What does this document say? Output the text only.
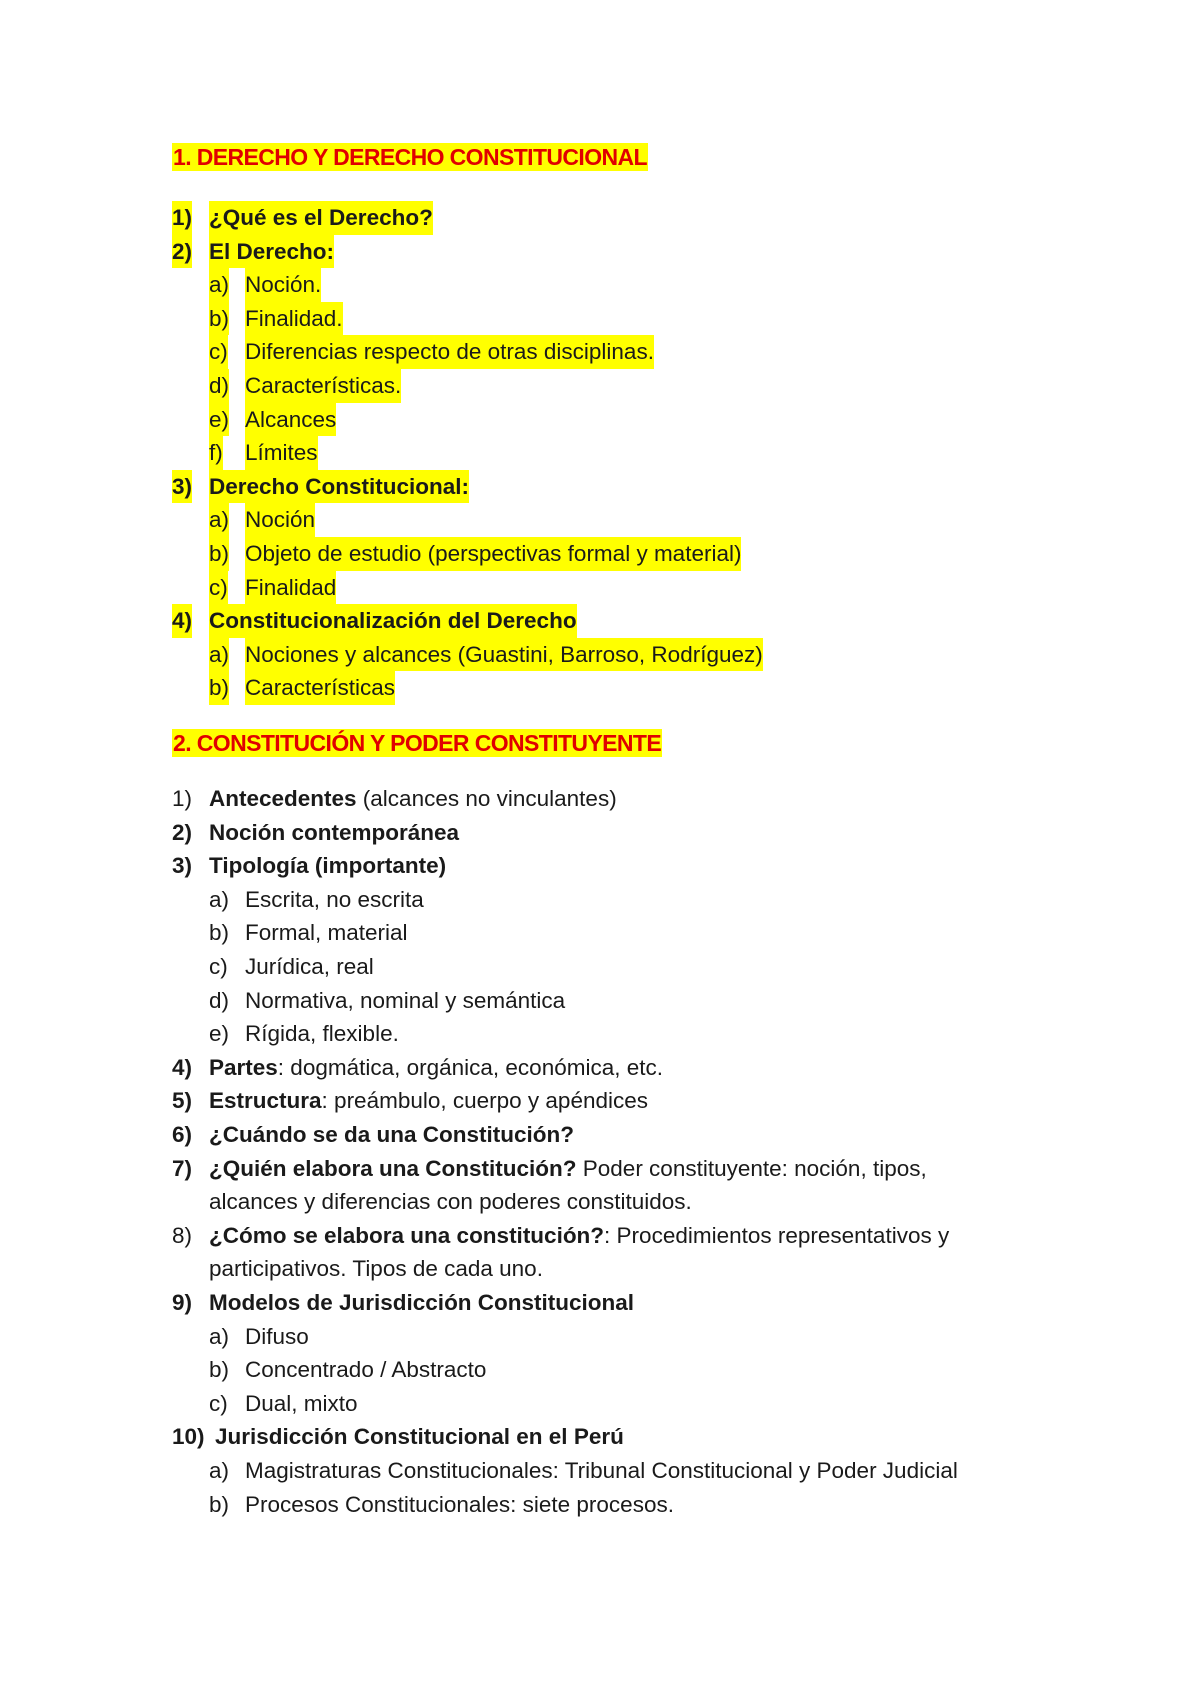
1. DERECHO Y DERECHO CONSTITUCIONAL
1) ¿Qué es el Derecho?
2) El Derecho:
a) Noción.
b) Finalidad.
c) Diferencias respecto de otras disciplinas.
d) Características.
e) Alcances
f) Límites
3) Derecho Constitucional:
a) Noción
b) Objeto de estudio (perspectivas formal y material)
c) Finalidad
4) Constitucionalización del Derecho
a) Nociones y alcances (Guastini, Barroso, Rodríguez)
b) Características
2. CONSTITUCIÓN Y PODER CONSTITUYENTE
1) Antecedentes (alcances no vinculantes)
2) Noción contemporánea
3) Tipología (importante)
a) Escrita, no escrita
b) Formal, material
c) Jurídica, real
d) Normativa, nominal y semántica
e) Rígida, flexible.
4) Partes: dogmática, orgánica, económica, etc.
5) Estructura: preámbulo, cuerpo y apéndices
6) ¿Cuándo se da una Constitución?
7) ¿Quién elabora una Constitución? Poder constituyente: noción, tipos,
alcances y diferencias con poderes constituidos.
8) ¿Cómo se elabora una constitución?: Procedimientos representativos y
participativos. Tipos de cada uno.
9) Modelos de Jurisdicción Constitucional
a) Difuso
b) Concentrado / Abstracto
c) Dual, mixto
10) Jurisdicción Constitucional en el Perú
a) Magistraturas Constitucionales: Tribunal Constitucional y Poder Judicial
b) Procesos Constitucionales: siete procesos.
